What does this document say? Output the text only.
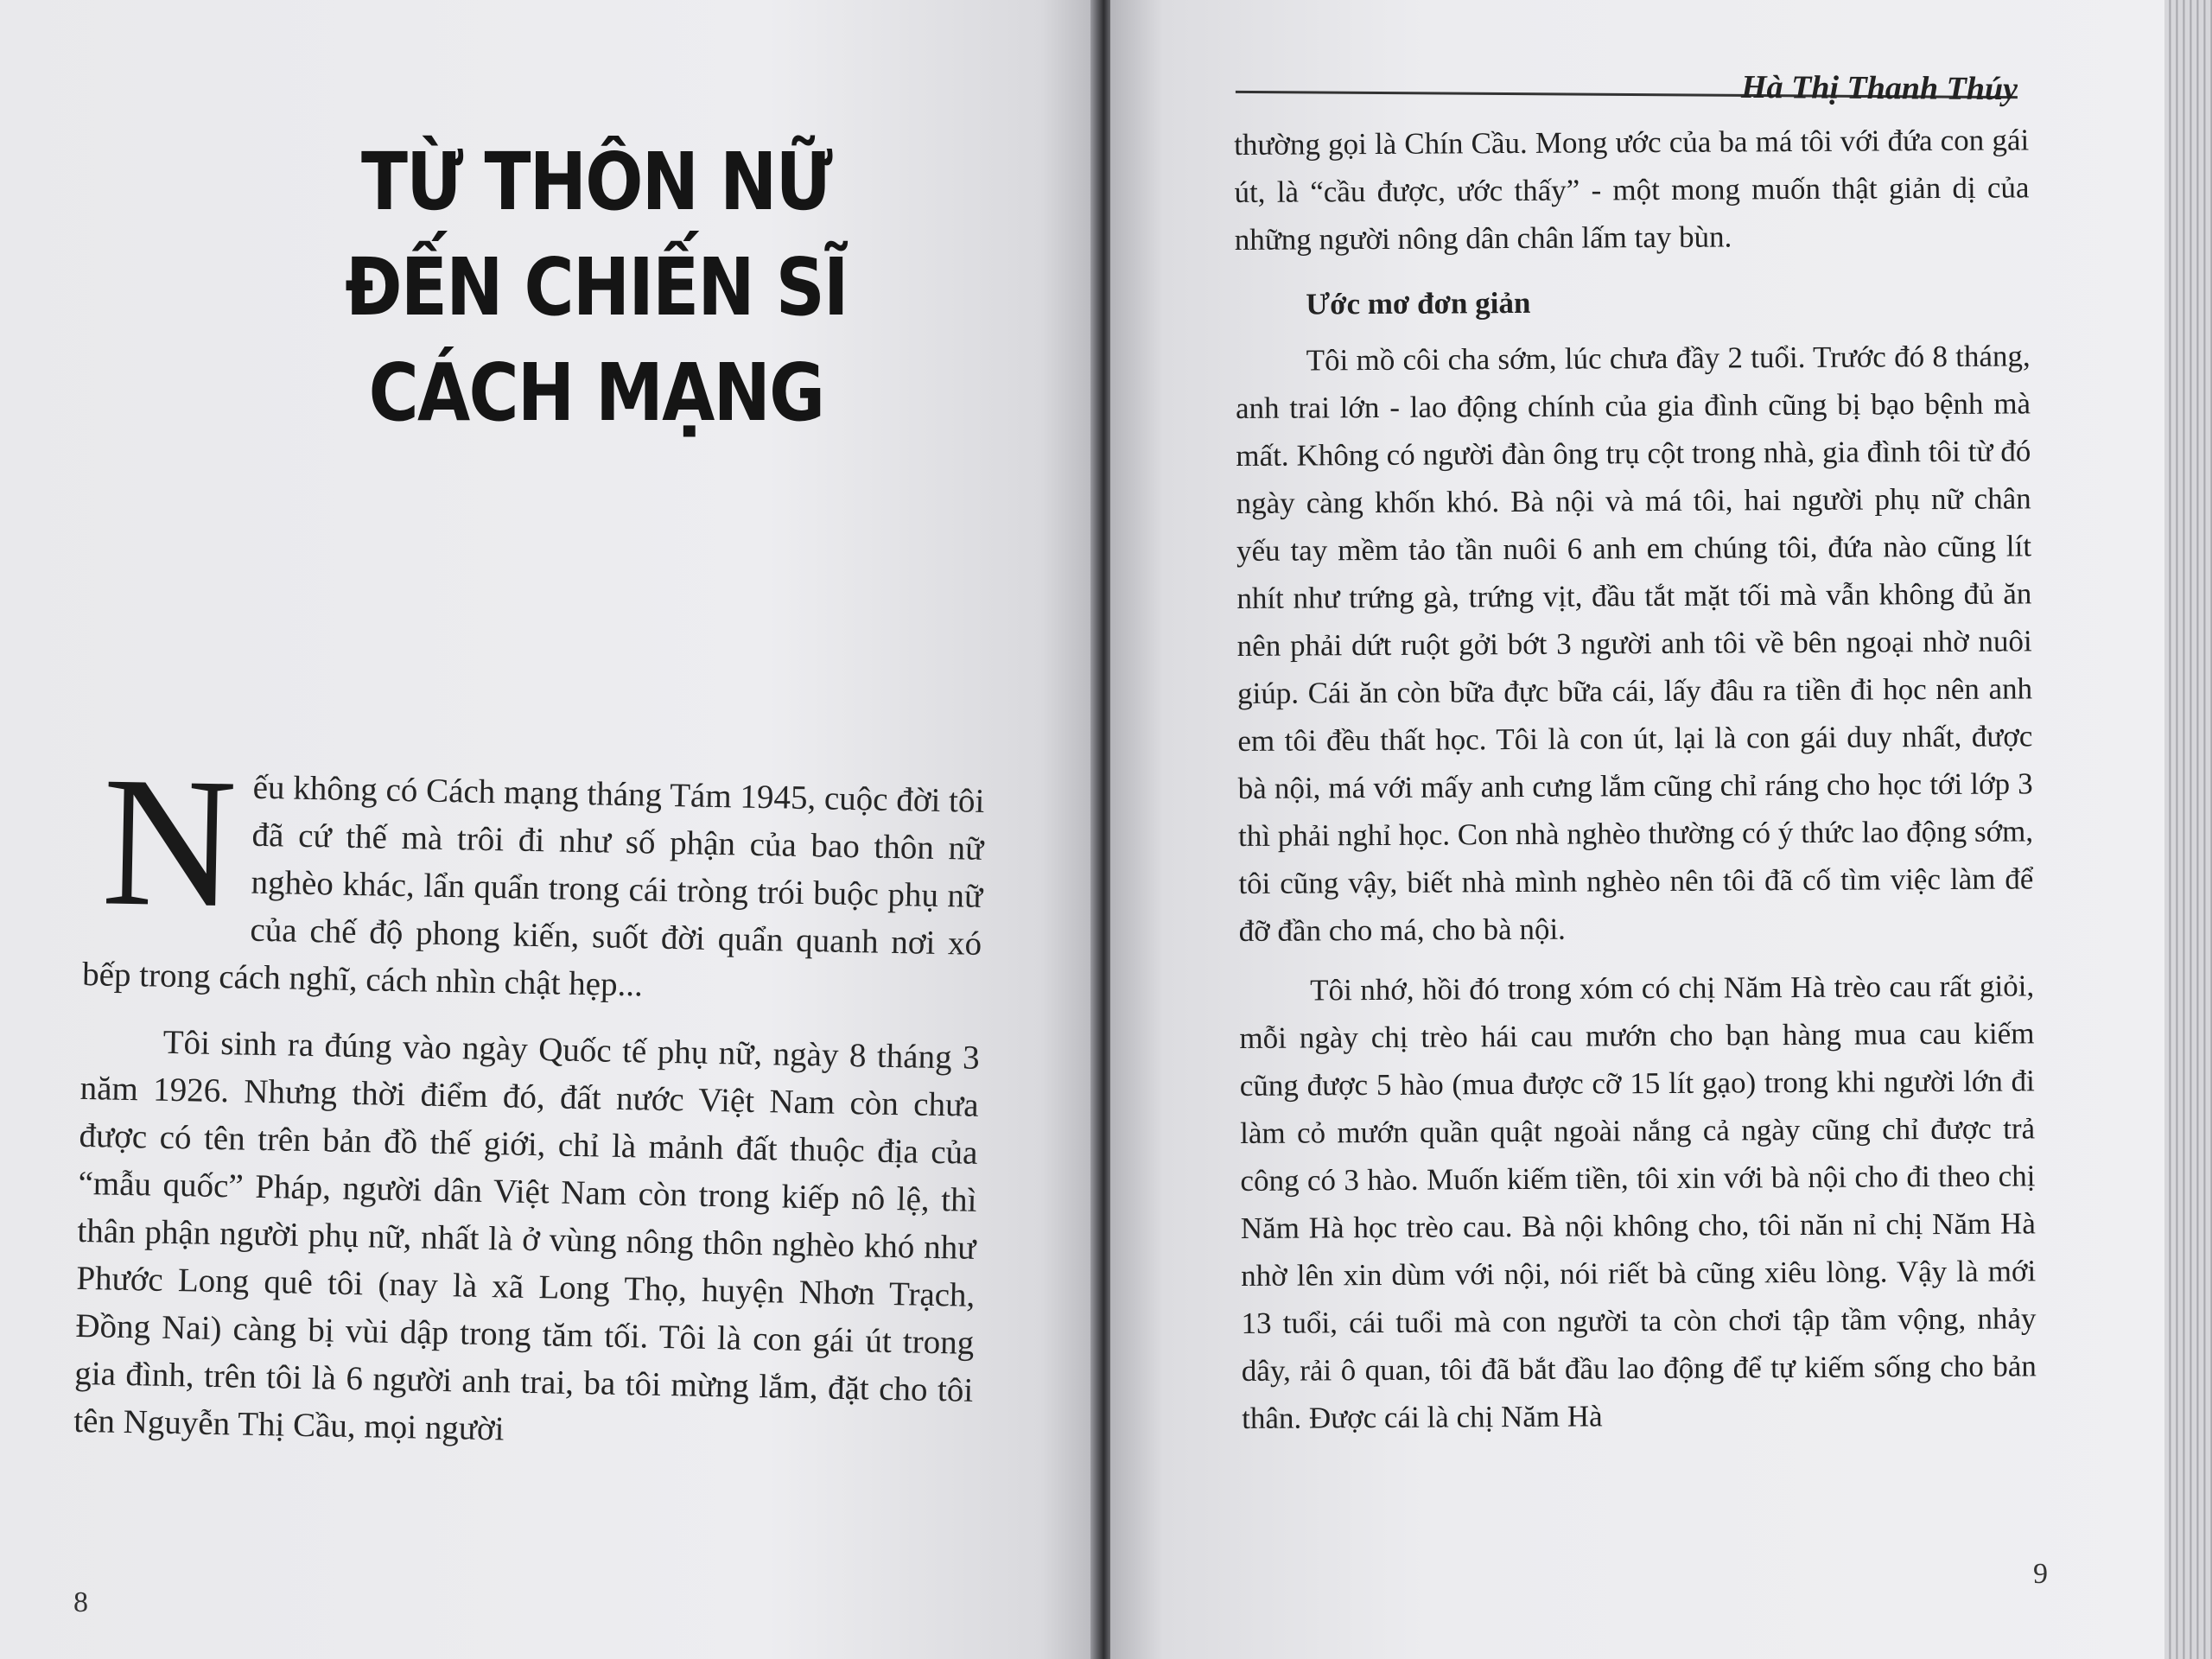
TỪ THÔN NỮ
ĐẾN CHIẾN SĨ
CÁCH MẠNG

Nếu không có Cách mạng tháng Tám 1945, cuộc đời tôi đã cứ thế mà trôi đi như số phận của bao thôn nữ nghèo khác, lẩn quẩn trong cái tròng trói buộc phụ nữ của chế độ phong kiến, suốt đời quẩn quanh nơi xó bếp trong cách nghĩ, cách nhìn chật hẹp...

Tôi sinh ra đúng vào ngày Quốc tế phụ nữ, ngày 8 tháng 3 năm 1926. Nhưng thời điểm đó, đất nước Việt Nam còn chưa được có tên trên bản đồ thế giới, chỉ là mảnh đất thuộc địa của “mẫu quốc” Pháp, người dân Việt Nam còn trong kiếp nô lệ, thì thân phận người phụ nữ, nhất là ở vùng nông thôn nghèo khó như Phước Long quê tôi (nay là xã Long Thọ, huyện Nhơn Trạch, Đồng Nai) càng bị vùi dập trong tăm tối. Tôi là con gái út trong gia đình, trên tôi là 6 người anh trai, ba tôi mừng lắm, đặt cho tôi tên Nguyễn Thị Cầu, mọi người

8
Hà Thị Thanh Thúy

thường gọi là Chín Cầu. Mong ước của ba má tôi với đứa con gái út, là “cầu được, ước thấy” - một mong muốn thật giản dị của những người nông dân chân lấm tay bùn.

Ước mơ đơn giản

Tôi mồ côi cha sớm, lúc chưa đầy 2 tuổi. Trước đó 8 tháng, anh trai lớn - lao động chính của gia đình cũng bị bạo bệnh mà mất. Không có người đàn ông trụ cột trong nhà, gia đình tôi từ đó ngày càng khốn khó. Bà nội và má tôi, hai người phụ nữ chân yếu tay mềm tảo tần nuôi 6 anh em chúng tôi, đứa nào cũng lít nhít như trứng gà, trứng vịt, đầu tắt mặt tối mà vẫn không đủ ăn nên phải dứt ruột gởi bớt 3 người anh tôi về bên ngoại nhờ nuôi giúp. Cái ăn còn bữa đực bữa cái, lấy đâu ra tiền đi học nên anh em tôi đều thất học. Tôi là con út, lại là con gái duy nhất, được bà nội, má với mấy anh cưng lắm cũng chỉ ráng cho học tới lớp 3 thì phải nghỉ học. Con nhà nghèo thường có ý thức lao động sớm, tôi cũng vậy, biết nhà mình nghèo nên tôi đã cố tìm việc làm để đỡ đần cho má, cho bà nội.

Tôi nhớ, hồi đó trong xóm có chị Năm Hà trèo cau rất giỏi, mỗi ngày chị trèo hái cau mướn cho bạn hàng mua cau kiếm cũng được 5 hào (mua được cỡ 15 lít gạo) trong khi người lớn đi làm cỏ mướn quần quật ngoài nắng cả ngày cũng chỉ được trả công có 3 hào. Muốn kiếm tiền, tôi xin với bà nội cho đi theo chị Năm Hà học trèo cau. Bà nội không cho, tôi năn nỉ chị Năm Hà nhờ lên xin dùm với nội, nói riết bà cũng xiêu lòng. Vậy là mới 13 tuổi, cái tuổi mà con người ta còn chơi tập tầm vộng, nhảy dây, rải ô quan, tôi đã bắt đầu lao động để tự kiếm sống cho bản thân. Được cái là chị Năm Hà

9
